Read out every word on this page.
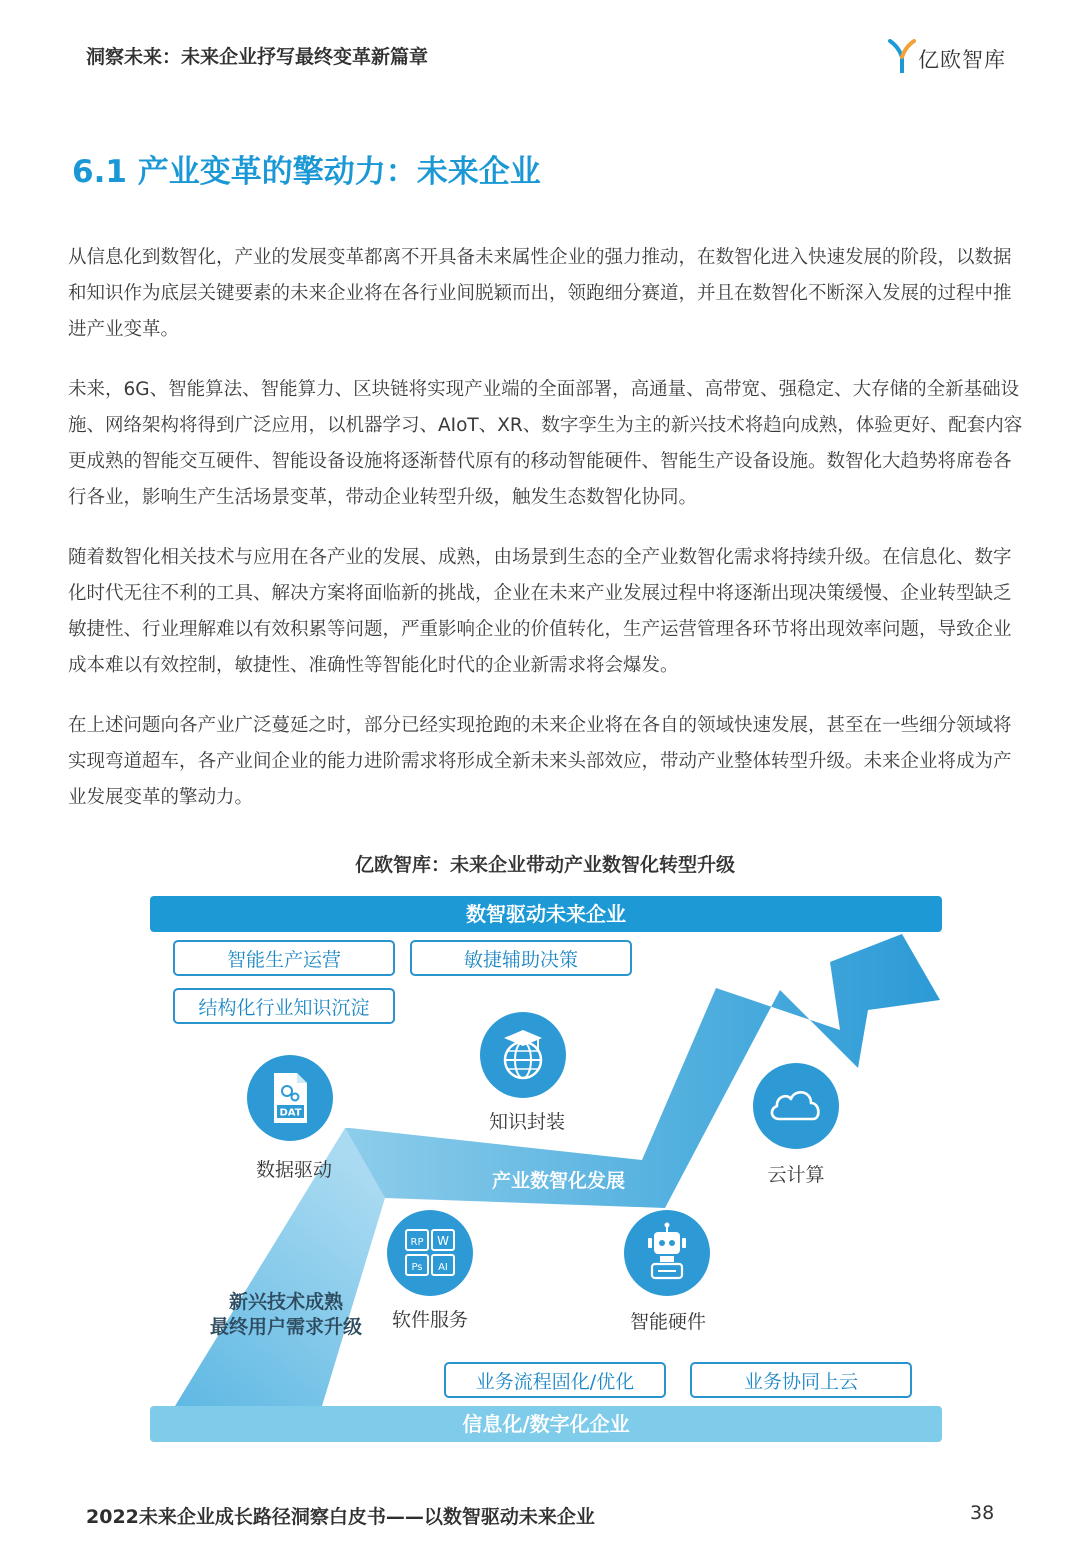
洞察未来：未来企业抒写最终变革新篇章	亿欧智库
6.1 产业变革的擎动力：未来企业

从信息化到数智化，产业的发展变革都离不开具备未来属性企业的强力推动，在数智化进入快速发展的阶段，以数据和知识作为底层关键要素的未来企业将在各行业间脱颖而出，领跑细分赛道，并且在数智化不断深入发展的过程中推进产业变革。

未来，6G、智能算法、智能算力、区块链将实现产业端的全面部署，高通量、高带宽、强稳定、大存储的全新基础设施、网络架构将得到广泛应用，以机器学习、AIoT、XR、数字孪生为主的新兴技术将趋向成熟，体验更好、配套内容更成熟的智能交互硬件、智能设备设施将逐渐替代原有的移动智能硬件、智能生产设备设施。数智化大趋势将席卷各行各业，影响生产生活场景变革，带动企业转型升级，触发生态数智化协同。

随着数智化相关技术与应用在各产业的发展、成熟，由场景到生态的全产业数智化需求将持续升级。在信息化、数字化时代无往不利的工具、解决方案将面临新的挑战，企业在未来产业发展过程中将逐渐出现决策缓慢、企业转型缺乏敏捷性、行业理解难以有效积累等问题，严重影响企业的价值转化，生产运营管理各环节将出现效率问题，导致企业成本难以有效控制，敏捷性、准确性等智能化时代的企业新需求将会爆发。

在上述问题向各产业广泛蔓延之时，部分已经实现抢跑的未来企业将在各自的领域快速发展，甚至在一些细分领域将实现弯道超车，各产业间企业的能力进阶需求将形成全新未来头部效应，带动产业整体转型升级。未来企业将成为产业发展变革的擎动力。

亿欧智库：未来企业带动产业数智化转型升级
数智驱动未来企业
信息化/数字化企业
智能生产运营	敏捷辅助决策
结构化行业知识沉淀
业务流程固化/优化	业务协同上云
产业数智化发展
新兴技术成熟
最终用户需求升级
DAT
数据驱动
知识封装
云计算
RP W
Ps AI
软件服务	智能硬件
2022未来企业成长路径洞察白皮书——以数智驱动未来企业	38
